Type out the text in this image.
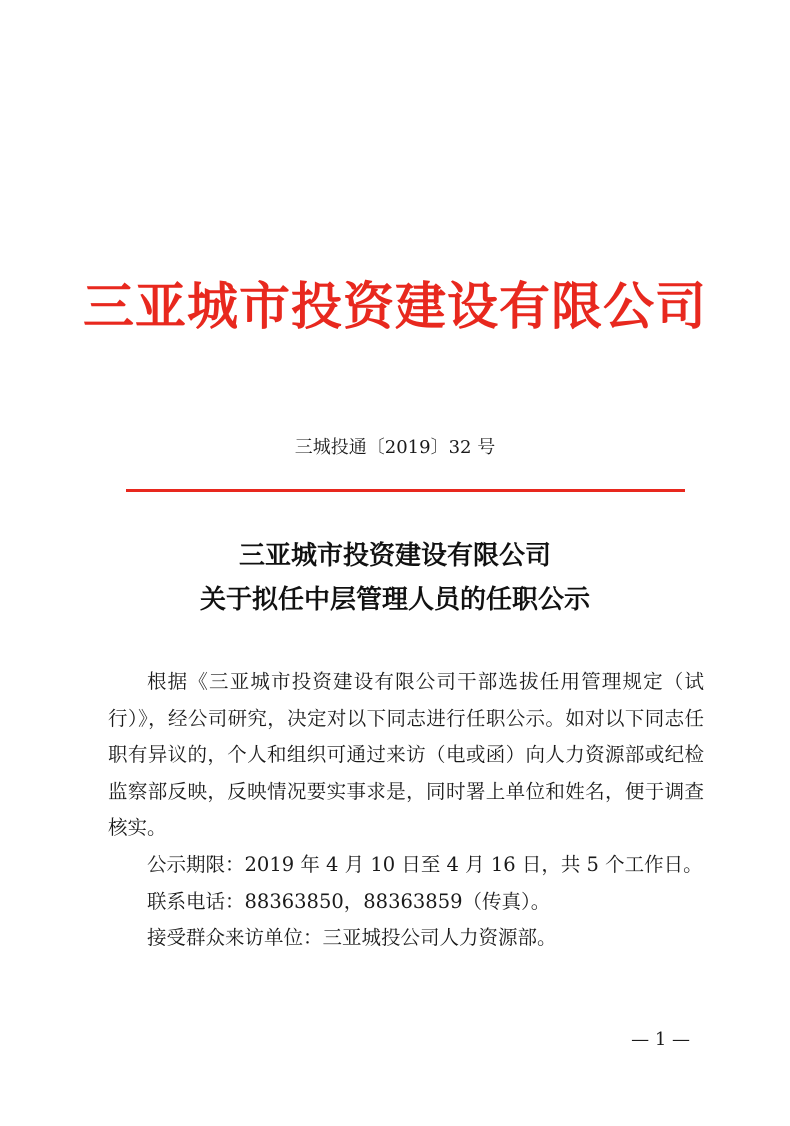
三亚城市投资建设有限公司
三城投通〔2019〕32 号
三亚城市投资建设有限公司
关于拟任中层管理人员的任职公示

根据《三亚城市投资建设有限公司干部选拔任用管理规定（试行）》，经公司研究，决定对以下同志进行任职公示。如对以下同志任职有异议的，个人和组织可通过来访（电或函）向人力资源部或纪检监察部反映，反映情况要实事求是，同时署上单位和姓名，便于调查核实。

公示期限：2019 年 4 月 10 日至 4 月 16 日，共 5 个工作日。

联系电话：88363850，88363859（传真）。

接受群众来访单位：三亚城投公司人力资源部。

— 1 —
